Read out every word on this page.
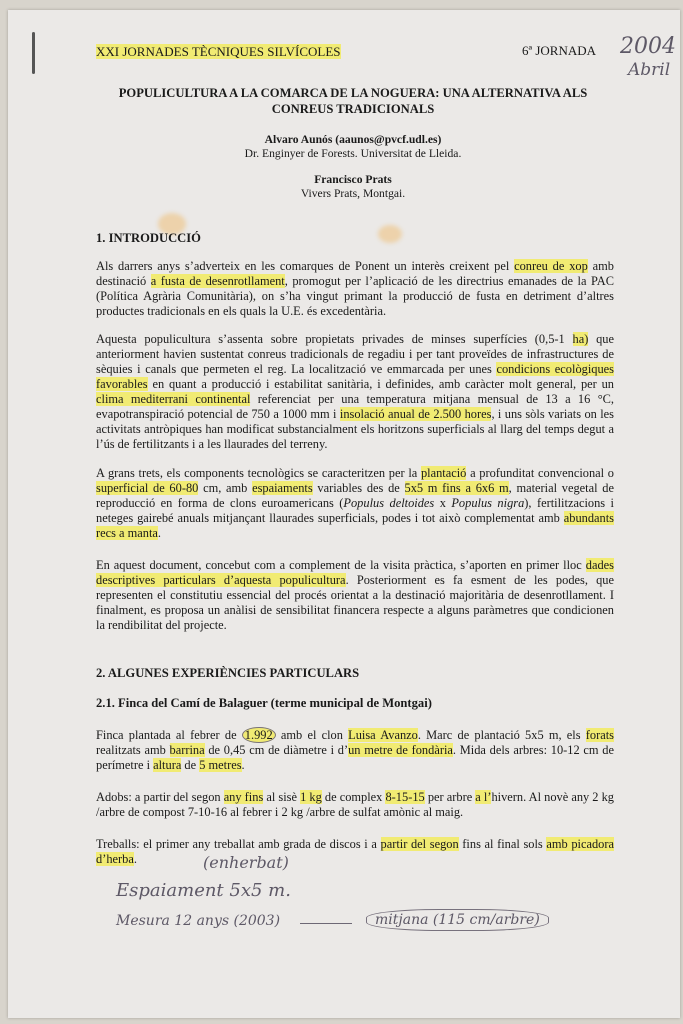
XXI JORNADES TÈCNIQUES SILVÍCOLES	6ª JORNADA 2004
Abril
POPULICULTURA A LA COMARCA DE LA NOGUERA: UNA ALTERNATIVA ALS
CONREUS TRADICIONALS
Alvaro Aunós (aaunos@pvcf.udl.es)
Dr. Enginyer de Forests. Universitat de Lleida.
Francisco Prats
Vivers Prats, Montgai.
1. INTRODUCCIÓ
Als darrers anys s’adverteix en les comarques de Ponent un interès creixent pel conreu de xop amb destinació a fusta de desenrotllament, promogut per l’aplicació de les directrius emanades de la PAC (Política Agrària Comunitària), on s’ha vingut primant la producció de fusta en detriment d’altres productes tradicionals en els quals la U.E. és excedentària.
Aquesta populicultura s’assenta sobre propietats privades de minses superfícies (0,5-1 ha) que anteriorment havien sustentat conreus tradicionals de regadiu i per tant proveïdes de infrastructures de sèquies i canals que permeten el reg. La localització ve emmarcada per unes condicions ecològiques favorables en quant a producció i estabilitat sanitària, i definides, amb caràcter molt general, per un clima mediterrani continental referenciat per una temperatura mitjana mensual de 13 a 16 °C, evapotranspiració potencial de 750 a 1000 mm i insolació anual de 2.500 hores, i uns sòls variats on les activitats antròpiques han modificat substancialment els horitzons superficials al llarg del temps degut a l’ús de fertilitzants i a les llaurades del terreny.
A grans trets, els components tecnològics se caracteritzen per la plantació a profunditat convencional o superficial de 60-80 cm, amb espaiaments variables des de 5x5 m fins a 6x6 m, material vegetal de reproducció en forma de clons euroamericans (Populus deltoides x Populus nigra), fertilitzacions i neteges gairebé anuals mitjançant llaurades superficials, podes i tot això complementat amb abundants recs a manta.
En aquest document, concebut com a complement de la visita pràctica, s’aporten en primer lloc dades descriptives particulars d’aquesta populicultura. Posteriorment es fa esment de les podes, que representen el constitutiu essencial del procés orientat a la destinació majoritària de desenrotllament. I finalment, es proposa un anàlisi de sensibilitat financera respecte a alguns paràmetres que condicionen la rendibilitat del projecte.
2. ALGUNES EXPERIÈNCIES PARTICULARS
2.1. Finca del Camí de Balaguer (terme municipal de Montgai)
Finca plantada al febrer de 1.992 amb el clon Luisa Avanzo. Marc de plantació 5x5 m, els forats realitzats amb barrina de 0,45 cm de diàmetre i d’un metre de fondària. Mida dels arbres: 10-12 cm de perímetre i altura de 5 metres.
Adobs: a partir del segon any fins al sisè 1 kg de complex 8-15-15 per arbre a l’hivern. Al novè any 2 kg /arbre de compost 7-10-16 al febrer i 2 kg /arbre de sulfat amònic al maig.
Treballs: el primer any treballat amb grada de discos i a partir del segon fins al final sols amb picadora d’herba.	(enherbat)
Espaiament 5x5 m.
Mesura 12 anys (2003)	mitjana (115 cm/arbre)
